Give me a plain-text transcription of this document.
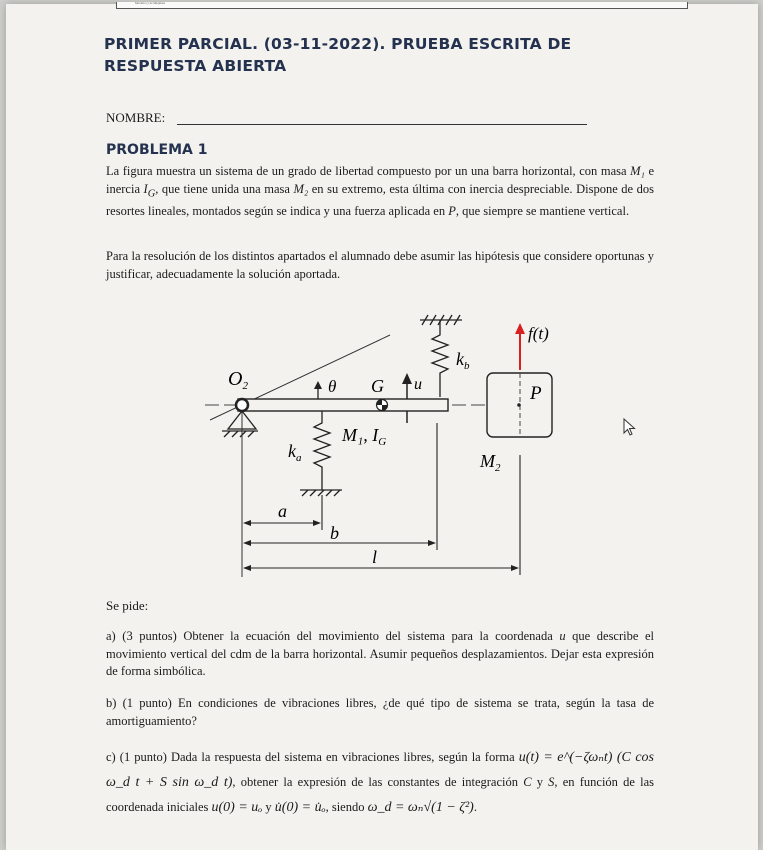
Mecánica y de Máquinas
PRIMER PARCIAL. (03-11-2022). PRUEBA ESCRITA DE RESPUESTA ABIERTA
NOMBRE:
PROBLEMA 1
La figura muestra un sistema de un grado de libertad compuesto por un una barra horizontal, con masa M₁ e inercia $I_G$, que tiene unida una masa M₂ en su extremo, esta última con inercia despreciable. Dispone de dos resortes lineales, montados según se indica y una fuerza aplicada en P, que siempre se mantiene vertical.
Para la resolución de los distintos apartados el alumnado debe asumir las hipótesis que considere oportunas y justificar, adecuadamente la solución aportada.
$k_b$
f(t)
$O_2$	θ G u
$k_a$
M₁, $I_G$
P
$M_2$
a
b
l
Se pide:
a) (3 puntos) Obtener la ecuación del movimiento del sistema para la coordenada u que describe el movimiento vertical del cdm de la barra horizontal. Asumir pequeños desplazamientos. Dejar esta expresión de forma simbólica.
b) (1 punto) En condiciones de vibraciones libres, ¿de qué tipo de sistema se trata, según la tasa de amortiguamiento?
c) (1 punto) Dada la respuesta del sistema en vibraciones libres, según la forma u(t) = e^(−ζωₙt) (C cos ω_d t + S sin ω_d t), obtener la expresión de las constantes de integración C y S, en función de las coordenada iniciales u(0) = uₒ y u̇(0) = u̇ₒ, siendo ω_d = ωₙ√(1 − ζ²).
